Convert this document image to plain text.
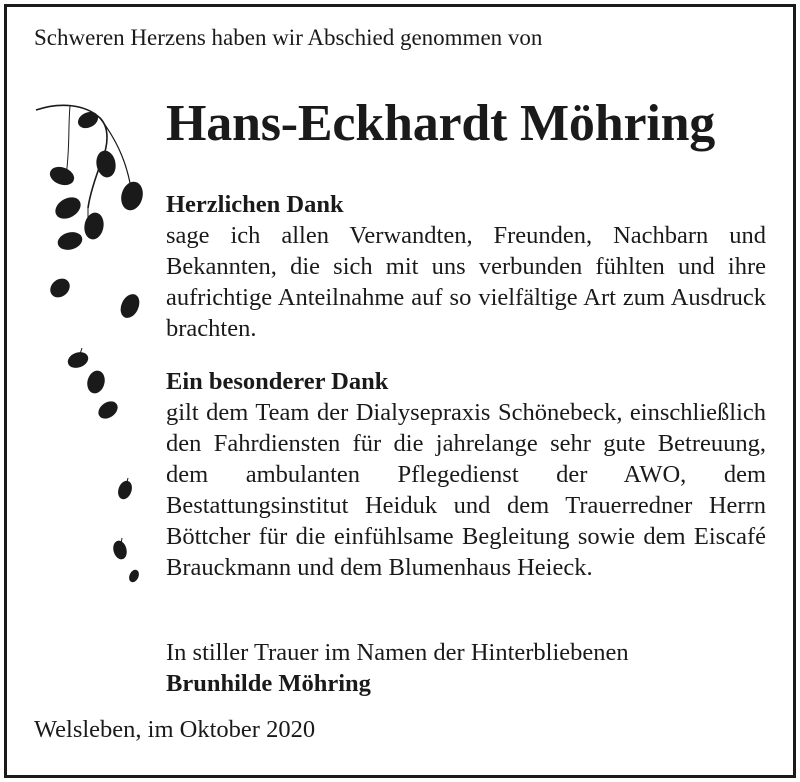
Schweren Herzens haben wir Abschied genommen von
Hans-Eckhardt Möhring
Herzlichen Dank
sage ich allen Verwandten, Freunden, Nachbarn und Bekannten, die sich mit uns verbunden fühlten und ihre aufrichtige Anteilnahme auf so vielfältige Art zum Ausdruck brachten.
Ein besonderer Dank
gilt dem Team der Dialysepraxis Schönebeck, einschließlich den Fahrdiensten für die jahrelange sehr gute Betreuung, dem ambulanten Pflegedienst der AWO, dem Bestattungsinstitut Heiduk und dem Trauerredner Herrn Böttcher für die einfühlsame Begleitung sowie dem Eiscafé Brauckmann und dem Blumenhaus Heieck.
In stiller Trauer im Namen der Hinterbliebenen
Brunhilde Möhring
Welsleben, im Oktober 2020
